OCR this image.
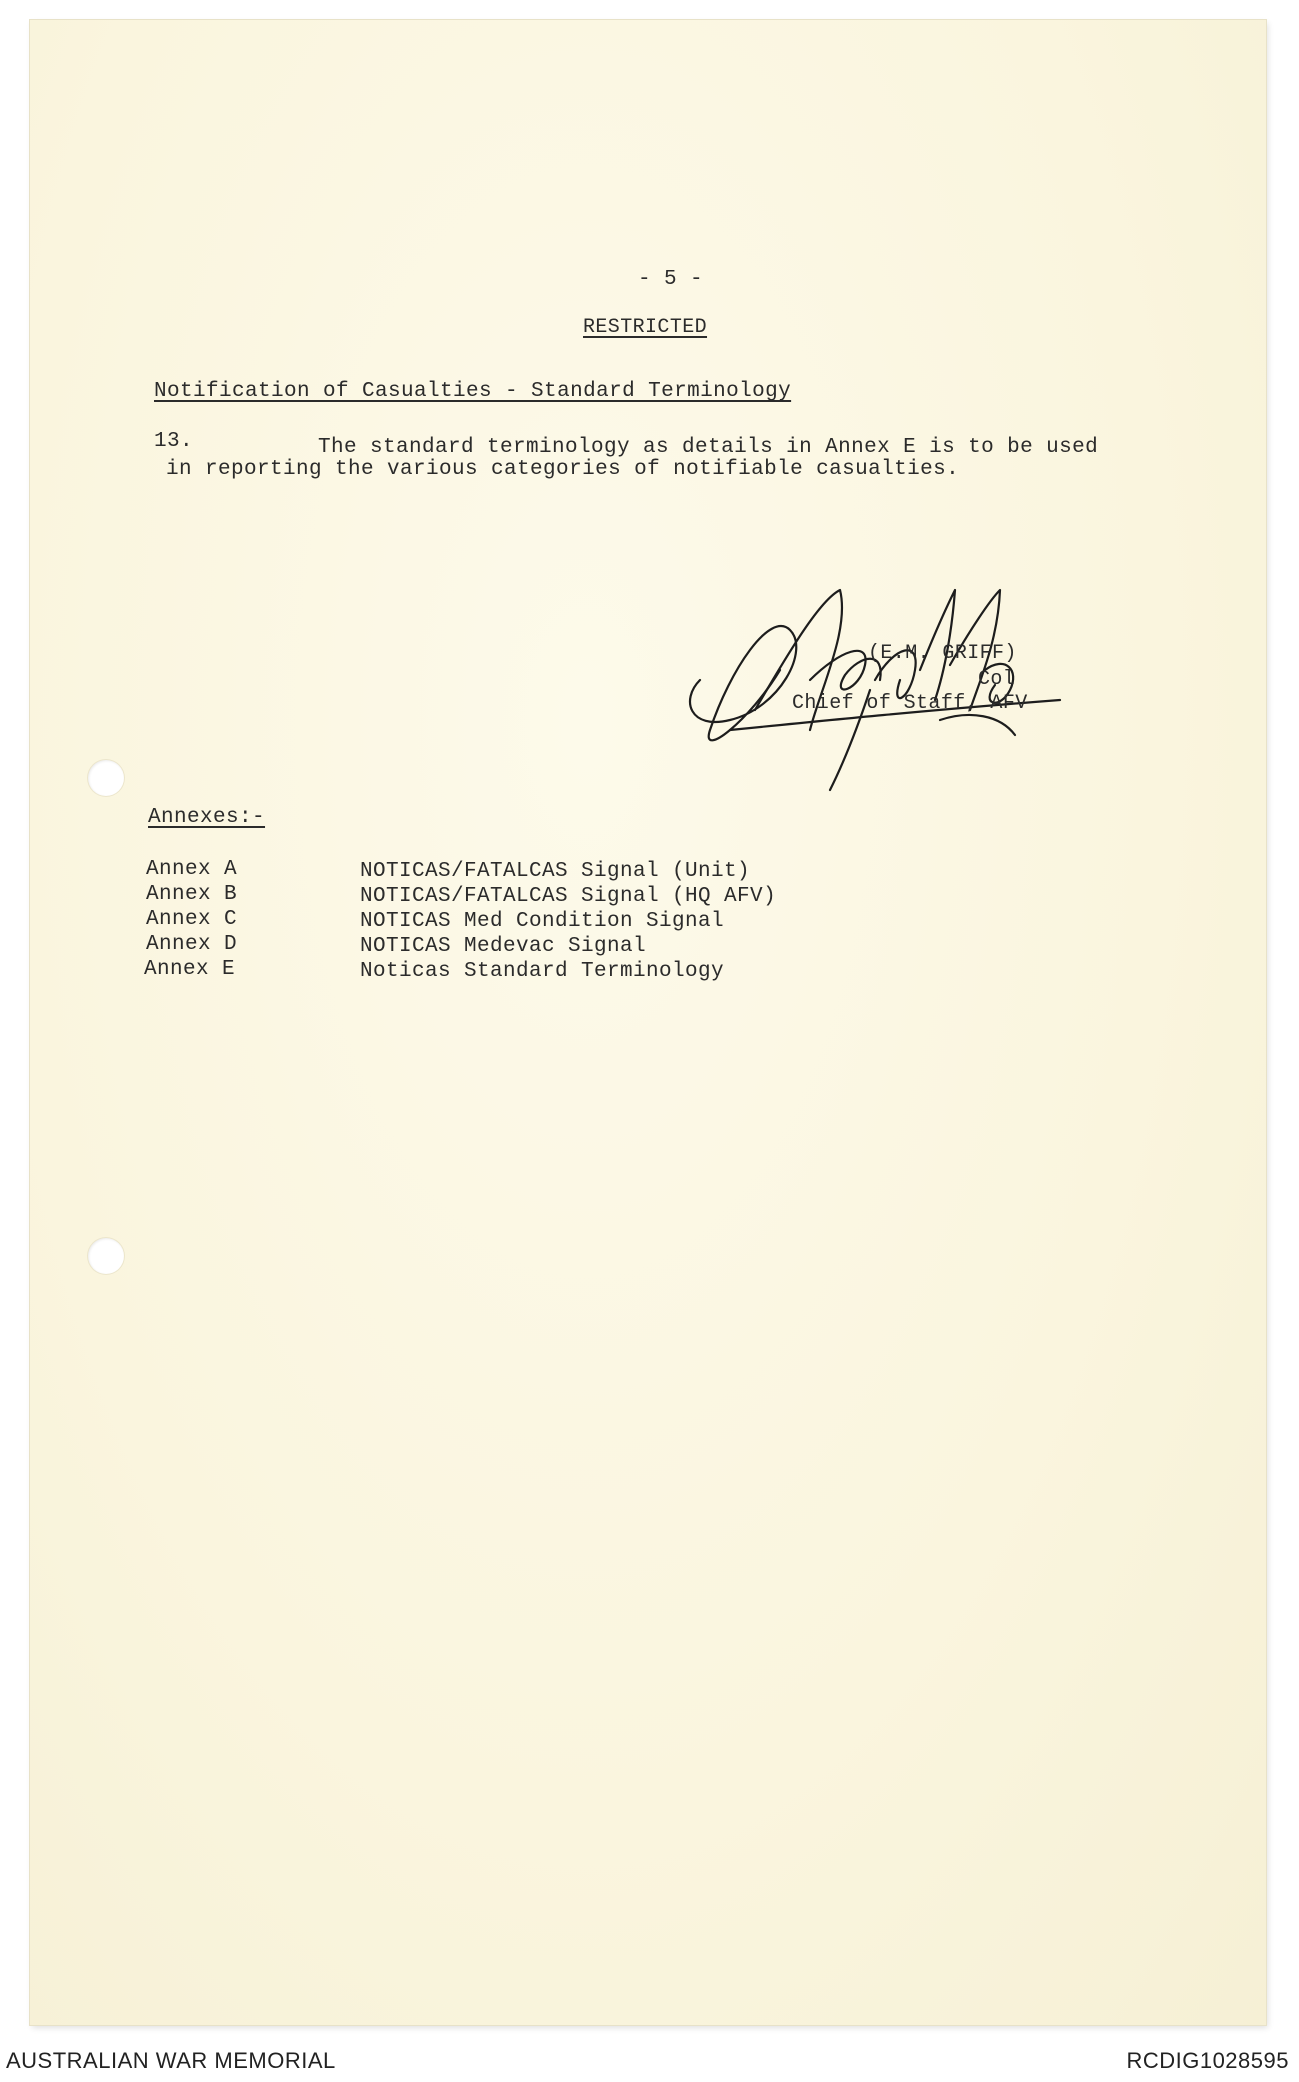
- 5 -
RESTRICTED
Notification of Casualties - Standard Terminology
13.	The standard terminology as details in Annex E is to be used
in reporting the various categories of notifiable casualties.
(E.M. GRIFF)
Col
Chief of Staff, AFV
Annexes:-
Annex A	NOTICAS/FATALCAS Signal (Unit)
Annex B	NOTICAS/FATALCAS Signal (HQ AFV)
Annex C	NOTICAS Med Condition Signal
Annex D	NOTICAS Medevac Signal
Annex E	Noticas Standard Terminology
AUSTRALIAN WAR MEMORIAL	RCDIG1028595
